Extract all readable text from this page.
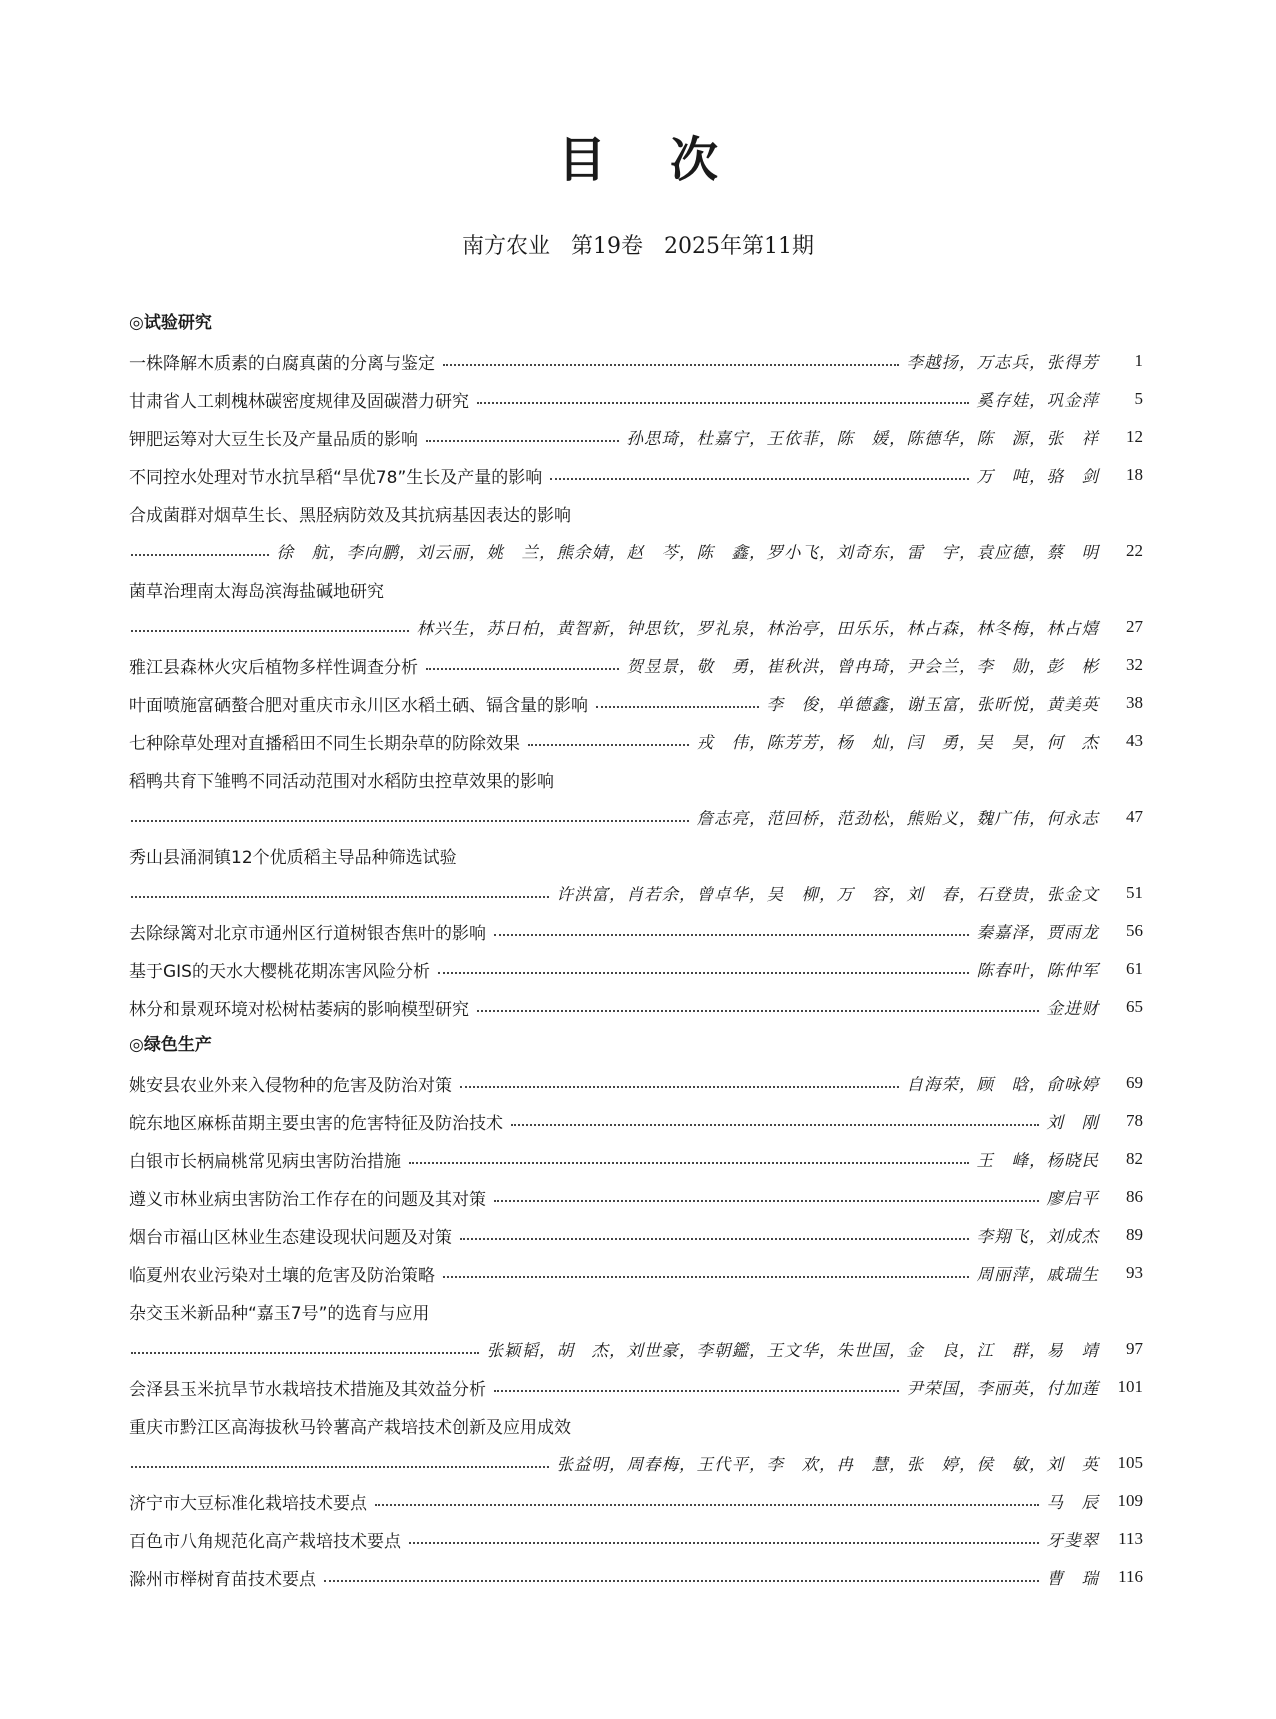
目次
南方农业   第19卷   2025年第11期
◎试验研究
一株降解木质素的白腐真菌的分离与鉴定	李越扬，万志兵，张得芳	1
甘肃省人工刺槐林碳密度规律及固碳潜力研究	奚存娃，巩金萍	5
钾肥运筹对大豆生长及产量品质的影响	孙思琦，杜嘉宁，王依菲，陈　媛，陈德华，陈　源，张　祥	12
不同控水处理对节水抗旱稻“旱优78”生长及产量的影响	万　吨，骆　剑	18
合成菌群对烟草生长、黑胫病防效及其抗病基因表达的影响
徐　航，李向鹏，刘云丽，姚　兰，熊余婧，赵　芩，陈　鑫，罗小飞，刘奇东，雷　宇，袁应德，蔡　明	22
菌草治理南太海岛滨海盐碱地研究
林兴生，苏日柏，黄智新，钟思钦，罗礼泉，林治亭，田乐乐，林占森，林冬梅，林占熺	27
雅江县森林火灾后植物多样性调查分析	贺昱景，敬　勇，崔秋洪，曾冉琦，尹会兰，李　勋，彭　彬	32
叶面喷施富硒螯合肥对重庆市永川区水稻土硒、镉含量的影响	李　俊，单德鑫，谢玉富，张昕悦，黄美英	38
七种除草处理对直播稻田不同生长期杂草的防除效果	戎　伟，陈芳芳，杨　灿，闫　勇，吴　昊，何　杰	43
稻鸭共育下雏鸭不同活动范围对水稻防虫控草效果的影响
詹志亮，范回桥，范劲松，熊贻义，魏广伟，何永志	47
秀山县涌洞镇12个优质稻主导品种筛选试验
许洪富，肖若余，曾卓华，吴　柳，万　容，刘　春，石登贵，张金文	51
去除绿篱对北京市通州区行道树银杏焦叶的影响	秦嘉泽，贾雨龙	56
基于GIS的天水大樱桃花期冻害风险分析	陈春叶，陈仲军	61
林分和景观环境对松树枯萎病的影响模型研究	金进财	65
◎绿色生产
姚安县农业外来入侵物种的危害及防治对策	自海荣，顾　晗，俞咏婷	69
皖东地区麻栎苗期主要虫害的危害特征及防治技术	刘　刚	78
白银市长柄扁桃常见病虫害防治措施	王　峰，杨晓民	82
遵义市林业病虫害防治工作存在的问题及其对策	廖启平	86
烟台市福山区林业生态建设现状问题及对策	李翔飞，刘成杰	89
临夏州农业污染对土壤的危害及防治策略	周丽萍，戚瑞生	93
杂交玉米新品种“嘉玉7号”的选育与应用
张颖韬，胡　杰，刘世豪，李朝鑑，王文华，朱世国，金　良，江　群，易　靖	97
会泽县玉米抗旱节水栽培技术措施及其效益分析	尹荣国，李丽英，付加莲	101
重庆市黔江区高海拔秋马铃薯高产栽培技术创新及应用成效
张益明，周春梅，王代平，李　欢，冉　慧，张　婷，侯　敏，刘　英	105
济宁市大豆标准化栽培技术要点	马　辰	109
百色市八角规范化高产栽培技术要点	牙斐翠	113
滁州市榉树育苗技术要点	曹　瑞	116
